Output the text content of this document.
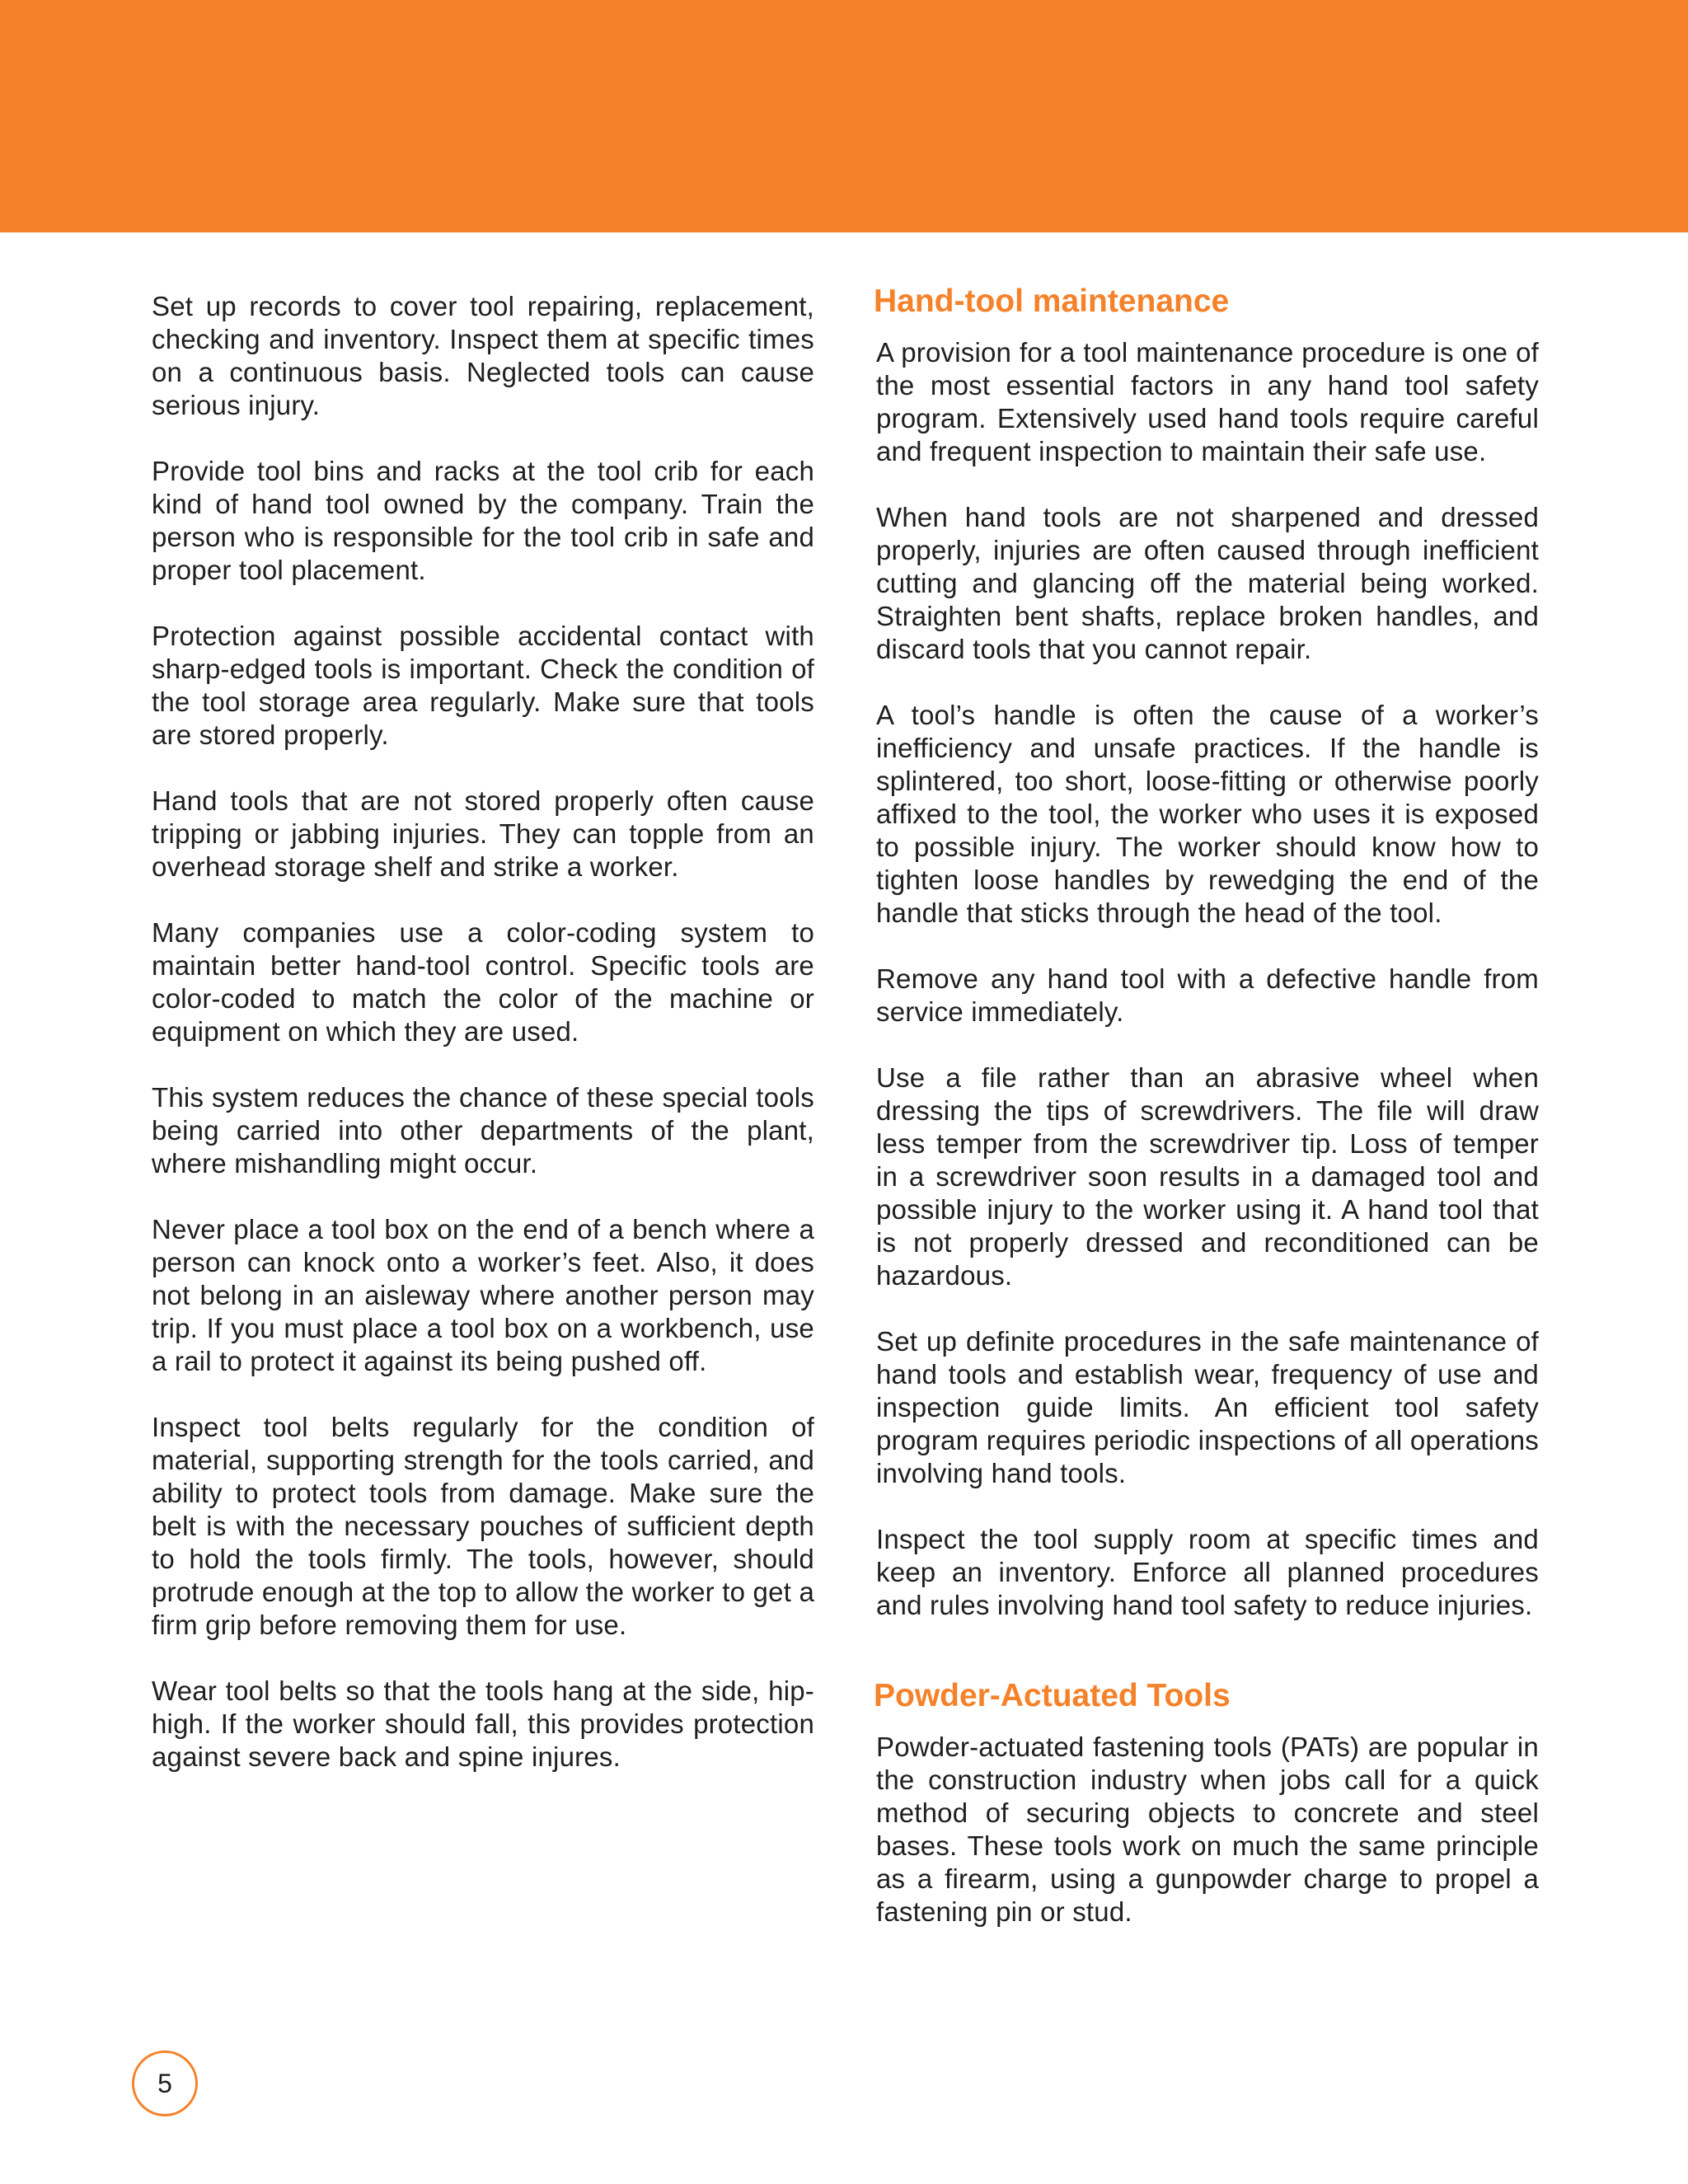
Set up records to cover tool repairing, replacement, checking and inventory. Inspect them at specific times on a continuous basis. Neglected tools can cause serious injury.

Provide tool bins and racks at the tool crib for each kind of hand tool owned by the company. Train the person who is responsible for the tool crib in safe and proper tool placement.

Protection against possible accidental contact with sharp-edged tools is important. Check the condition of the tool storage area regularly. Make sure that tools are stored properly.

Hand tools that are not stored properly often cause tripping or jabbing injuries. They can topple from an overhead storage shelf and strike a worker.

Many companies use a color-coding system to maintain better hand-tool control. Specific tools are color-coded to match the color of the machine or equipment on which they are used.

This system reduces the chance of these special tools being carried into other departments of the plant, where mishandling might occur.

Never place a tool box on the end of a bench where a person can knock onto a worker’s feet. Also, it does not belong in an aisleway where another person may trip. If you must place a tool box on a workbench, use a rail to protect it against its being pushed off.

Inspect tool belts regularly for the condition of material, supporting strength for the tools carried, and ability to protect tools from damage. Make sure the belt is with the necessary pouches of sufficient depth to hold the tools firmly. The tools, however, should protrude enough at the top to allow the worker to get a firm grip before removing them for use.

Wear tool belts so that the tools hang at the side, hip-high. If the worker should fall, this provides protection against severe back and spine injures.

Hand-tool maintenance

A provision for a tool maintenance procedure is one of the most essential factors in any hand tool safety program. Extensively used hand tools require careful and frequent inspection to maintain their safe use.

When hand tools are not sharpened and dressed properly, injuries are often caused through inefficient cutting and glancing off the material being worked. Straighten bent shafts, replace broken handles, and discard tools that you cannot repair.

A tool’s handle is often the cause of a worker’s inefficiency and unsafe practices. If the handle is splintered, too short, loose-fitting or otherwise poorly affixed to the tool, the worker who uses it is exposed to possible injury. The worker should know how to tighten loose handles by rewedging the end of the handle that sticks through the head of the tool.

Remove any hand tool with a defective handle from service immediately.

Use a file rather than an abrasive wheel when dressing the tips of screwdrivers. The file will draw less temper from the screwdriver tip. Loss of temper in a screwdriver soon results in a damaged tool and possible injury to the worker using it. A hand tool that is not properly dressed and reconditioned can be hazardous.

Set up definite procedures in the safe maintenance of hand tools and establish wear, frequency of use and inspection guide limits. An efficient tool safety program requires periodic inspections of all operations involving hand tools.

Inspect the tool supply room at specific times and keep an inventory. Enforce all planned procedures and rules involving hand tool safety to reduce injuries.

Powder-Actuated Tools

Powder-actuated fastening tools (PATs) are popular in the construction industry when jobs call for a quick method of securing objects to concrete and steel bases. These tools work on much the same principle as a firearm, using a gunpowder charge to propel a fastening pin or stud.

5
